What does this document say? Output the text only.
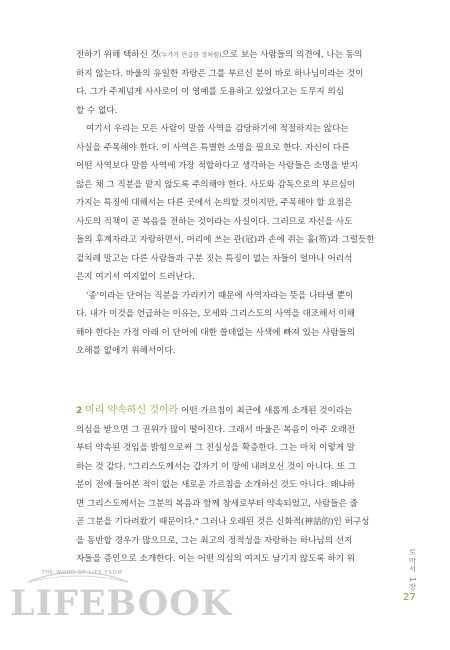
전하기 위해 택하신 것(누가가 언급한 것처럼)으로 보는 사람들의 의견에, 나는 동의
하지 않는다. 바울의 유일한 자랑은 그를 부르신 분이 바로 하나님이라는 것이
다. 그가 주제넘게 사사로이 이 영예를 도용하고 있었다고는 도무지 의심
할 수 없다.
여기서 우리는 모든 사람이 말씀 사역을 감당하기에 적절하지는 않다는
사실을 주목해야 한다. 이 사역은 특별한 소명을 필요로 한다. 자신이 다른
어떤 사역보다 말씀 사역에 가장 적합하다고 생각하는 사람들은 소명을 받지
않은 채 그 직분을 맡지 않도록 주의해야 한다. 사도와 감독으로의 부르심이
가지는 특징에 대해서는 다른 곳에서 논의할 것이지만, 주목해야 할 요점은
사도의 직책이 곧 복음을 전하는 것이라는 사실이다. 그러므로 자신을 사도
들의 후계자라고 자랑하면서, 머리에 쓰는 관(冠)과 손에 쥐는 홀(笏)과 그럴듯한
겉치레 말고는 다른 사람들과 구분 짓는 특징이 없는 자들이 얼마나 어리석
은지 여기서 여지없이 드러난다.
'종'이라는 단어는 직분을 가리키기 때문에 사역자라는 뜻을 나타낼 뿐이
다. 내가 이것을 언급하는 이유는, 모세와 그리스도의 사역을 대조해서 이해
해야 한다는 가정 아래 이 단어에 대한 쓸데없는 사색에 빠져 있는 사람들의
오해를 없애기 위해서이다.
2 미리 약속하신 것이라 어떤 가르침이 최근에 새롭게 소개된 것이라는
의심을 받으면 그 권위가 많이 떨어진다. 그래서 바울은 복음이 아주 오래전
부터 약속된 것임을 밝힘으로써 그 진실성을 확증한다. 그는 마치 이렇게 말
하는 것 같다. "그리스도께서는 갑자기 이 땅에 내려오신 것이 아니다. 또 그
분이 전에 들어본 적이 없는 새로운 가르침을 소개하신 것도 아니다. 왜냐하
면 그리스도께서는 그분의 복음과 함께 창세로부터 약속되었고, 사람들은 줄
곧 그분을 기다려왔기 때문이다." 그러나 오래된 것은 신화적(神話的)인 허구성
을 동반할 경우가 많으므로, 그는 최고의 정적성을 자랑하는 하나님의 선지
자들을 증인으로 소개한다. 이는 어떤 의심의 여지도 남기지 않도록 하기 위	로마서 1장
27
THE WORD OF LIFE FROM
LIFEBOOK
